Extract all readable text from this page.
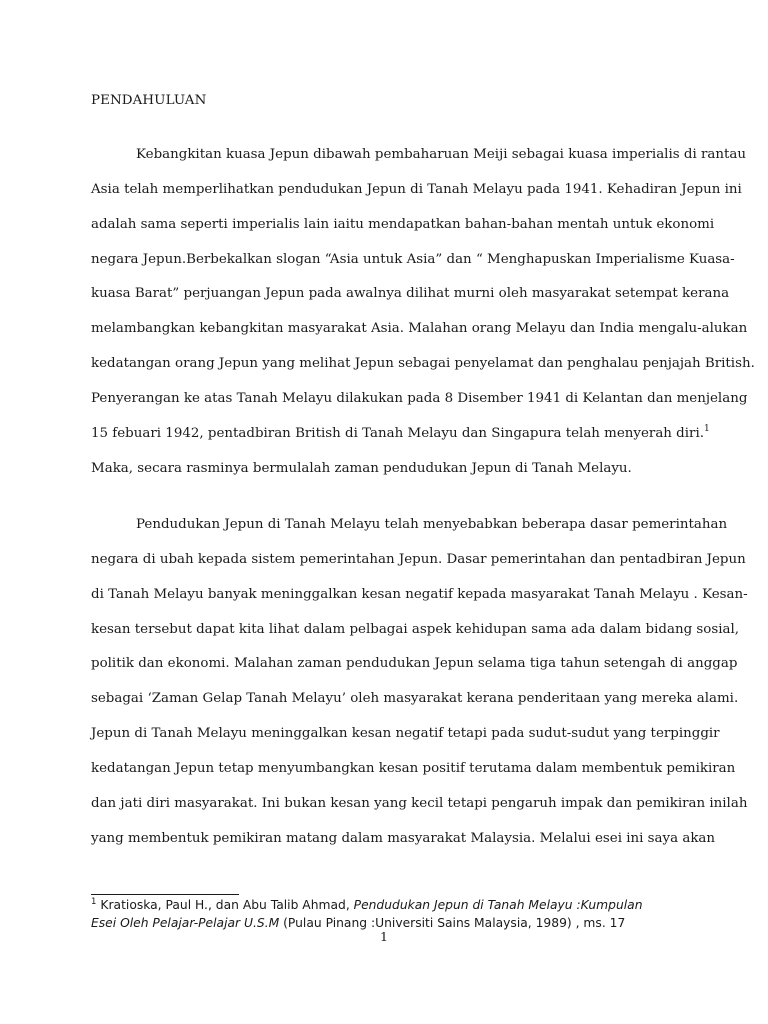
PENDAHULUAN
Kebangkitan kuasa Jepun dibawah pembaharuan Meiji sebagai kuasa imperialis di rantau
Asia telah memperlihatkan pendudukan Jepun di Tanah Melayu pada 1941. Kehadiran Jepun ini
adalah sama seperti imperialis lain iaitu mendapatkan bahan-bahan mentah untuk ekonomi
negara Jepun.Berbekalkan slogan “Asia untuk Asia” dan “ Menghapuskan Imperialisme Kuasa-
kuasa Barat” perjuangan Jepun pada awalnya dilihat murni oleh masyarakat setempat kerana
melambangkan kebangkitan masyarakat Asia. Malahan orang Melayu dan India mengalu-alukan
kedatangan orang Jepun yang melihat Jepun sebagai penyelamat dan penghalau penjajah British.
Penyerangan ke atas Tanah Melayu dilakukan pada 8 Disember 1941 di Kelantan dan menjelang
15 febuari 1942, pentadbiran British di Tanah Melayu dan Singapura telah menyerah diri.$^1$
Maka, secara rasminya bermulalah zaman pendudukan Jepun di Tanah Melayu.
Pendudukan Jepun di Tanah Melayu telah menyebabkan beberapa dasar pemerintahan
negara di ubah kepada sistem pemerintahan Jepun. Dasar pemerintahan dan pentadbiran Jepun
di Tanah Melayu banyak meninggalkan kesan negatif kepada masyarakat Tanah Melayu . Kesan-
kesan tersebut dapat kita lihat dalam pelbagai aspek kehidupan sama ada dalam bidang sosial,
politik dan ekonomi. Malahan zaman pendudukan Jepun selama tiga tahun setengah di anggap
sebagai ‘Zaman Gelap Tanah Melayu’ oleh masyarakat kerana penderitaan yang mereka alami.
Jepun di Tanah Melayu meninggalkan kesan negatif tetapi pada sudut-sudut yang terpinggir
kedatangan Jepun tetap menyumbangkan kesan positif terutama dalam membentuk pemikiran
dan jati diri masyarakat. Ini bukan kesan yang kecil tetapi pengaruh impak dan pemikiran inilah
yang membentuk pemikiran matang dalam masyarakat Malaysia. Melalui esei ini saya akan
$^1$ Kratioska, Paul H., dan Abu Talib Ahmad, Pendudukan Jepun di Tanah Melayu :Kumpulan
Esei Oleh Pelajar-Pelajar U.S.M (Pulau Pinang :Universiti Sains Malaysia, 1989) , ms. 17
1
